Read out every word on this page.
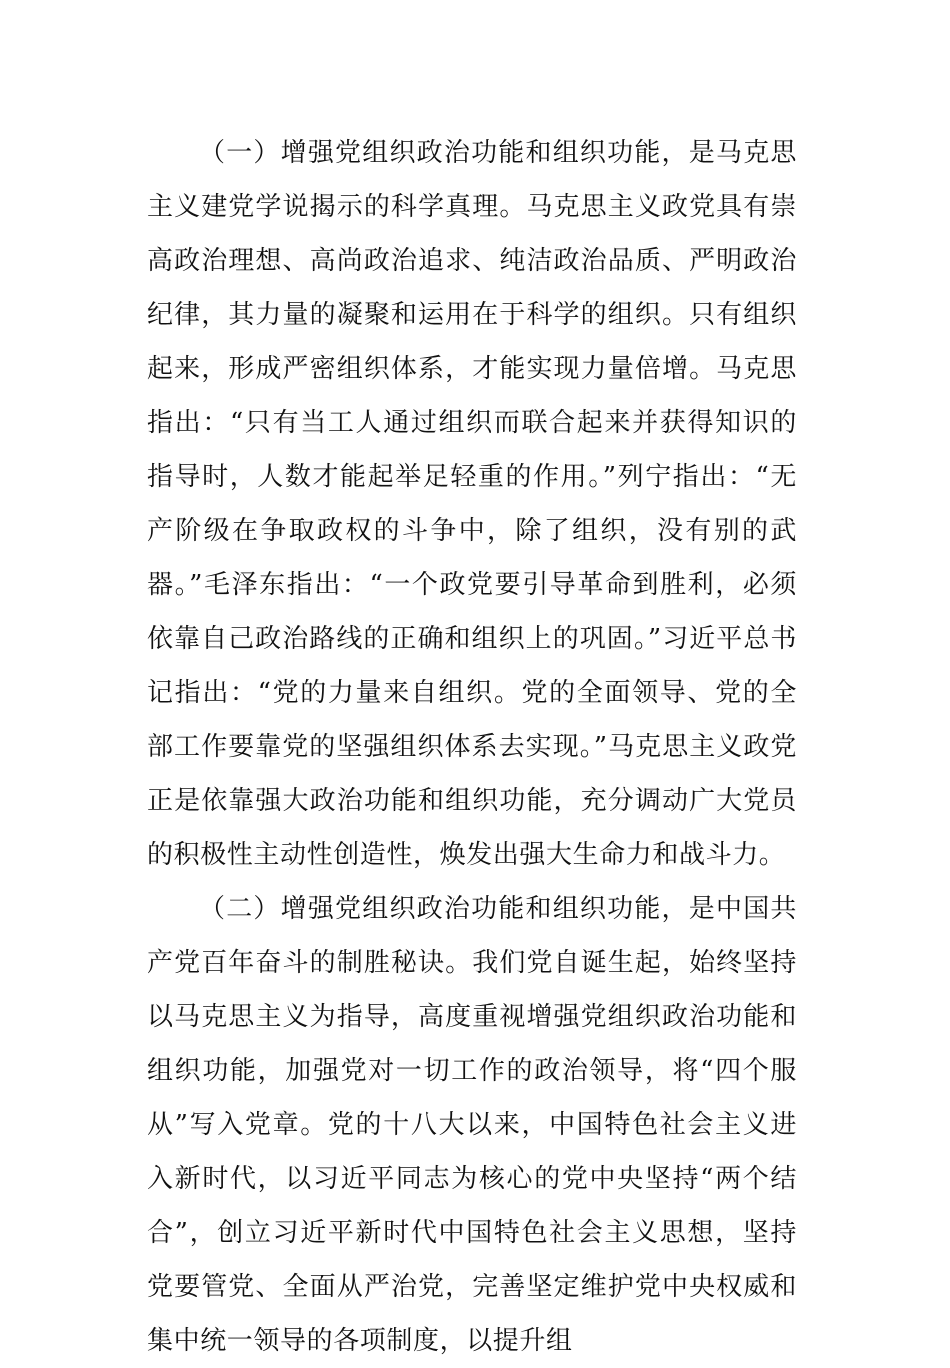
（一）增强党组织政治功能和组织功能，是马克思主义建党学说揭示的科学真理。马克思主义政党具有崇高政治理想、高尚政治追求、纯洁政治品质、严明政治纪律，其力量的凝聚和运用在于科学的组织。只有组织起来，形成严密组织体系，才能实现力量倍增。马克思指出：“只有当工人通过组织而联合起来并获得知识的指导时，人数才能起举足轻重的作用。”列宁指出：“无产阶级在争取政权的斗争中，除了组织，没有别的武器。”毛泽东指出：“一个政党要引导革命到胜利，必须依靠自己政治路线的正确和组织上的巩固。”习近平总书记指出：“党的力量来自组织。党的全面领导、党的全部工作要靠党的坚强组织体系去实现。”马克思主义政党正是依靠强大政治功能和组织功能，充分调动广大党员的积极性主动性创造性，焕发出强大生命力和战斗力。

（二）增强党组织政治功能和组织功能，是中国共产党百年奋斗的制胜秘诀。我们党自诞生起，始终坚持以马克思主义为指导，高度重视增强党组织政治功能和组织功能，加强党对一切工作的政治领导，将“四个服从”写入党章。党的十八大以来，中国特色社会主义进入新时代，以习近平同志为核心的党中央坚持“两个结合”，创立习近平新时代中国特色社会主义思想，坚持党要管党、全面从严治党，完善坚定维护党中央权威和集中统一领导的各项制度，以提升组
